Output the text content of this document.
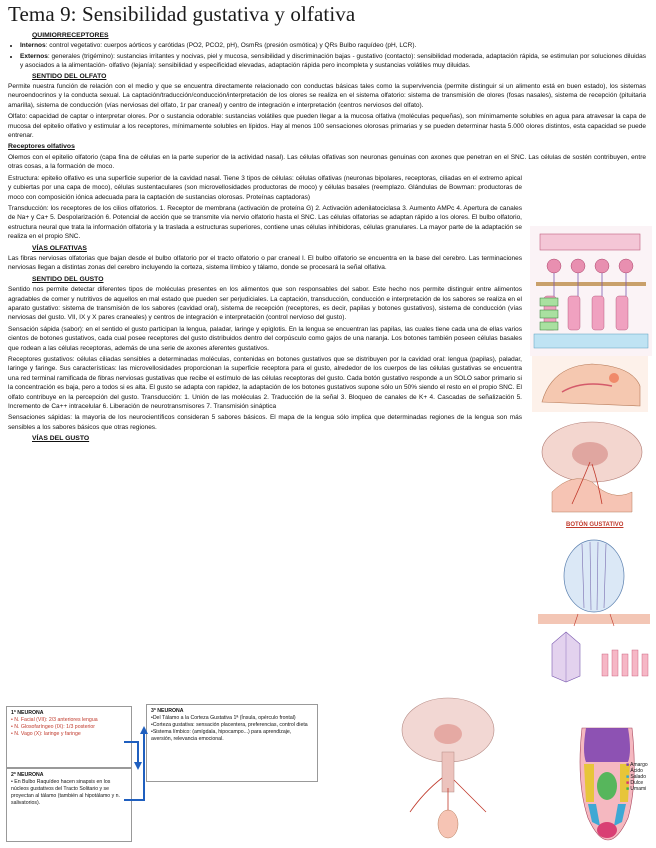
Tema 9: Sensibilidad gustativa y olfativa
QUIMIORRECEPTORES
• Internos: control vegetativo: cuerpos aórticos y carótidas (PO2, PCO2, pH), OsmRs (presión osmótica) y QRs Bulbo raquídeo (pH, LCR).
• Externos: generales (trigémino): sustancias irritantes y nocivas, piel y mucosa, sensibilidad y discriminación bajas - gustativo (contacto): sensibilidad moderada, adaptación rápida, se estimulan por soluciones diluidas y asociados a la alimentación- olfativo (lejanía): sensibilidad y especificidad elevadas, adaptación rápida pero incompleta y sustancias volátiles muy diluidas.
SENTIDO DEL OLFATO

Permite nuestra función de relación con el medio y que se encuentra directamente relacionado con conductas básicas tales como la supervivencia (permite distinguir si un alimento está en buen estado), los sistemas neuroendocrinos y la conducta sexual. La captación/traducción/conducción/interpretación de los olores se realiza en el sistema olfatorio: sistema de transmisión de olores (fosas nasales), sistema de recepción (pituitaria amarilla), sistema de conducción (vías nerviosas del olfato, 1r par craneal) y centro de integración e interpretación (centros nerviosos del olfato).

Olfato: capacidad de captar o interpretar olores. Por o sustancia odorable: sustancias volátiles que pueden llegar a la mucosa olfativa (moléculas pequeñas), son mínimamente solubles en agua para atravesar la capa de mucosa del epitelio olfativo y estimular a los receptores, mínimamente solubles en lípidos. Hay al menos 100 sensaciones olorosas primarias y se pueden determinar hasta 5.000 olores distintos, esta capacidad se puede entrenar.

Receptores olfativos

Olemos con el epitelio olfatorio (capa fina de células en la parte superior de la actividad nasal). Las células olfativas son neuronas genuinas con axones que penetran en el SNC. Las células de sostén contribuyen, entre otras cosas, a la formación de moco.

Estructura: epitelio olfativo es una superficie superior de la cavidad nasal. Tiene 3 tipos de células: células olfativas (neuronas bipolares, receptoras, ciliadas en el extremo apical y cubiertas por una capa de moco), células sustentaculares (son microvellosidades productoras de moco) y células basales (reemplazo. Glándulas de Bowman: productoras de moco con composición iónica adecuada para la captación de sustancias olorosas. Proteínas captadoras)

Transducción: los receptores de los cilios olfatorios. 1. Receptor de membrana (activación de proteína G) 2. Activación adenilatociclasa 3. Aumento AMPc 4. Apertura de canales de Na+ y Ca+ 5. Despolarización 6. Potencial de acción que se transmite vía nervio olfatorio hasta el SNC. Las células olfatorias se adaptan rápido a los olores. El bulbo olfatorio, estructura neural que trata la información olfatoria y la traslada a estructuras superiores, contiene unas células inhibidoras, células granulares. La mayor parte de la adaptación se realiza en el propio SNC.

VÍAS OLFATIVAS

Las fibras nerviosas olfatorias que bajan desde el bulbo olfatorio por el tracto olfatorio o par craneal I. El bulbo olfatorio se encuentra en la base del cerebro. Las terminaciones nerviosas llegan a distintas zonas del cerebro incluyendo la corteza, sistema límbico y tálamo, donde se procesará la señal olfativa.

SENTIDO DEL GUSTO

Sentido nos permite detectar diferentes tipos de moléculas presentes en los alimentos que son responsables del sabor. Este hecho nos permite distinguir entre alimentos agradables de comer y nutritivos de aquellos en mal estado que pueden ser perjudiciales. La captación, transducción, conducción e interpretación de los sabores se realiza en el aparato gustativo: sistema de transmisión de los sabores (cavidad oral), sistema de recepción (receptores, es decir, papilas y botones gustativos), sistema de conducción (vías nerviosas del gusto. VII, IX y X pares craneales) y centros de integración e interpretación (control nervioso del gusto).

Sensación sápida (sabor): en el sentido el gusto participan la lengua, paladar, laringe y epiglotis. En la lengua se encuentran las papilas, las cuales tiene cada una de ellas varios cientos de botones gustativos, cada cual posee receptores del gusto distribuidos dentro del corpúsculo como gajos de una naranja. Los botones también poseen células basales que rodean a las células receptoras, además de una serie de axones aferentes gustativos.

Receptores gustativos: células ciliadas sensibles a determinadas moléculas, contenidas en botones gustativos que se distribuyen por la cavidad oral: lengua (papilas), paladar, laringe y faringe. Sus características: las microvellosidades proporcionan la superficie receptora para el gusto, alrededor de los cuerpos de las células gustativas se encuentra una red terminal ramificada de fibras nerviosas gustativas que recibe el estímulo de las células receptoras del gusto. Cada botón gustativo responde a un SOLO sabor primario si la concentración es baja, pero a todos si es alta. El gusto se adapta con rapidez, la adaptación de los botones gustativos supone sólo un 50% siendo el resto en el propio SNC. El olfato contribuye en la percepción del gusto. Transducción: 1. Unión de las moléculas 2. Traducción de la señal 3. Bloqueo de canales de K+ 4. Cascadas de señalización 5. Incremento de Ca++ intracelular 6. Liberación de neurotransmisores 7. Transmisión sináptica

Sensaciones sápidas: la mayoría de los neurocientíficos consideran 5 sabores básicos. El mapa de la lengua sólo implica que determinadas regiones de la lengua son más sensibles a los sabores básicos que otras regiones.

VÍAS DEL GUSTO
BOTÓN GUSTATIVO
■ Amargo
■ Ácido
■ Salado
■ Dulce
■ Umami
1ª NEURONA
• N. Facial (VII): 2/3 anteriores lengua
• N. Glosofaríngeo (IX): 1/3 posterior
• N. Vago (X): laringe y faringe
2ª NEURONA
• En Bulbo Raquídeo hacen sinapsis en los núcleos gustativos del Tracto Solitario y se proyectan al tálamo (también al hipotálamo y n. salivatorios).
3ª NEURONA
•Del Tálamo a la Corteza Gustativa 1ª (Ínsula, opérculo frontal)
•Corteza gustativa: sensación placentera, preferencias, control dieta
•Sistema límbico: (amígdala, hipocampo...) para aprendizaje, aversión, relevancia emocional.
